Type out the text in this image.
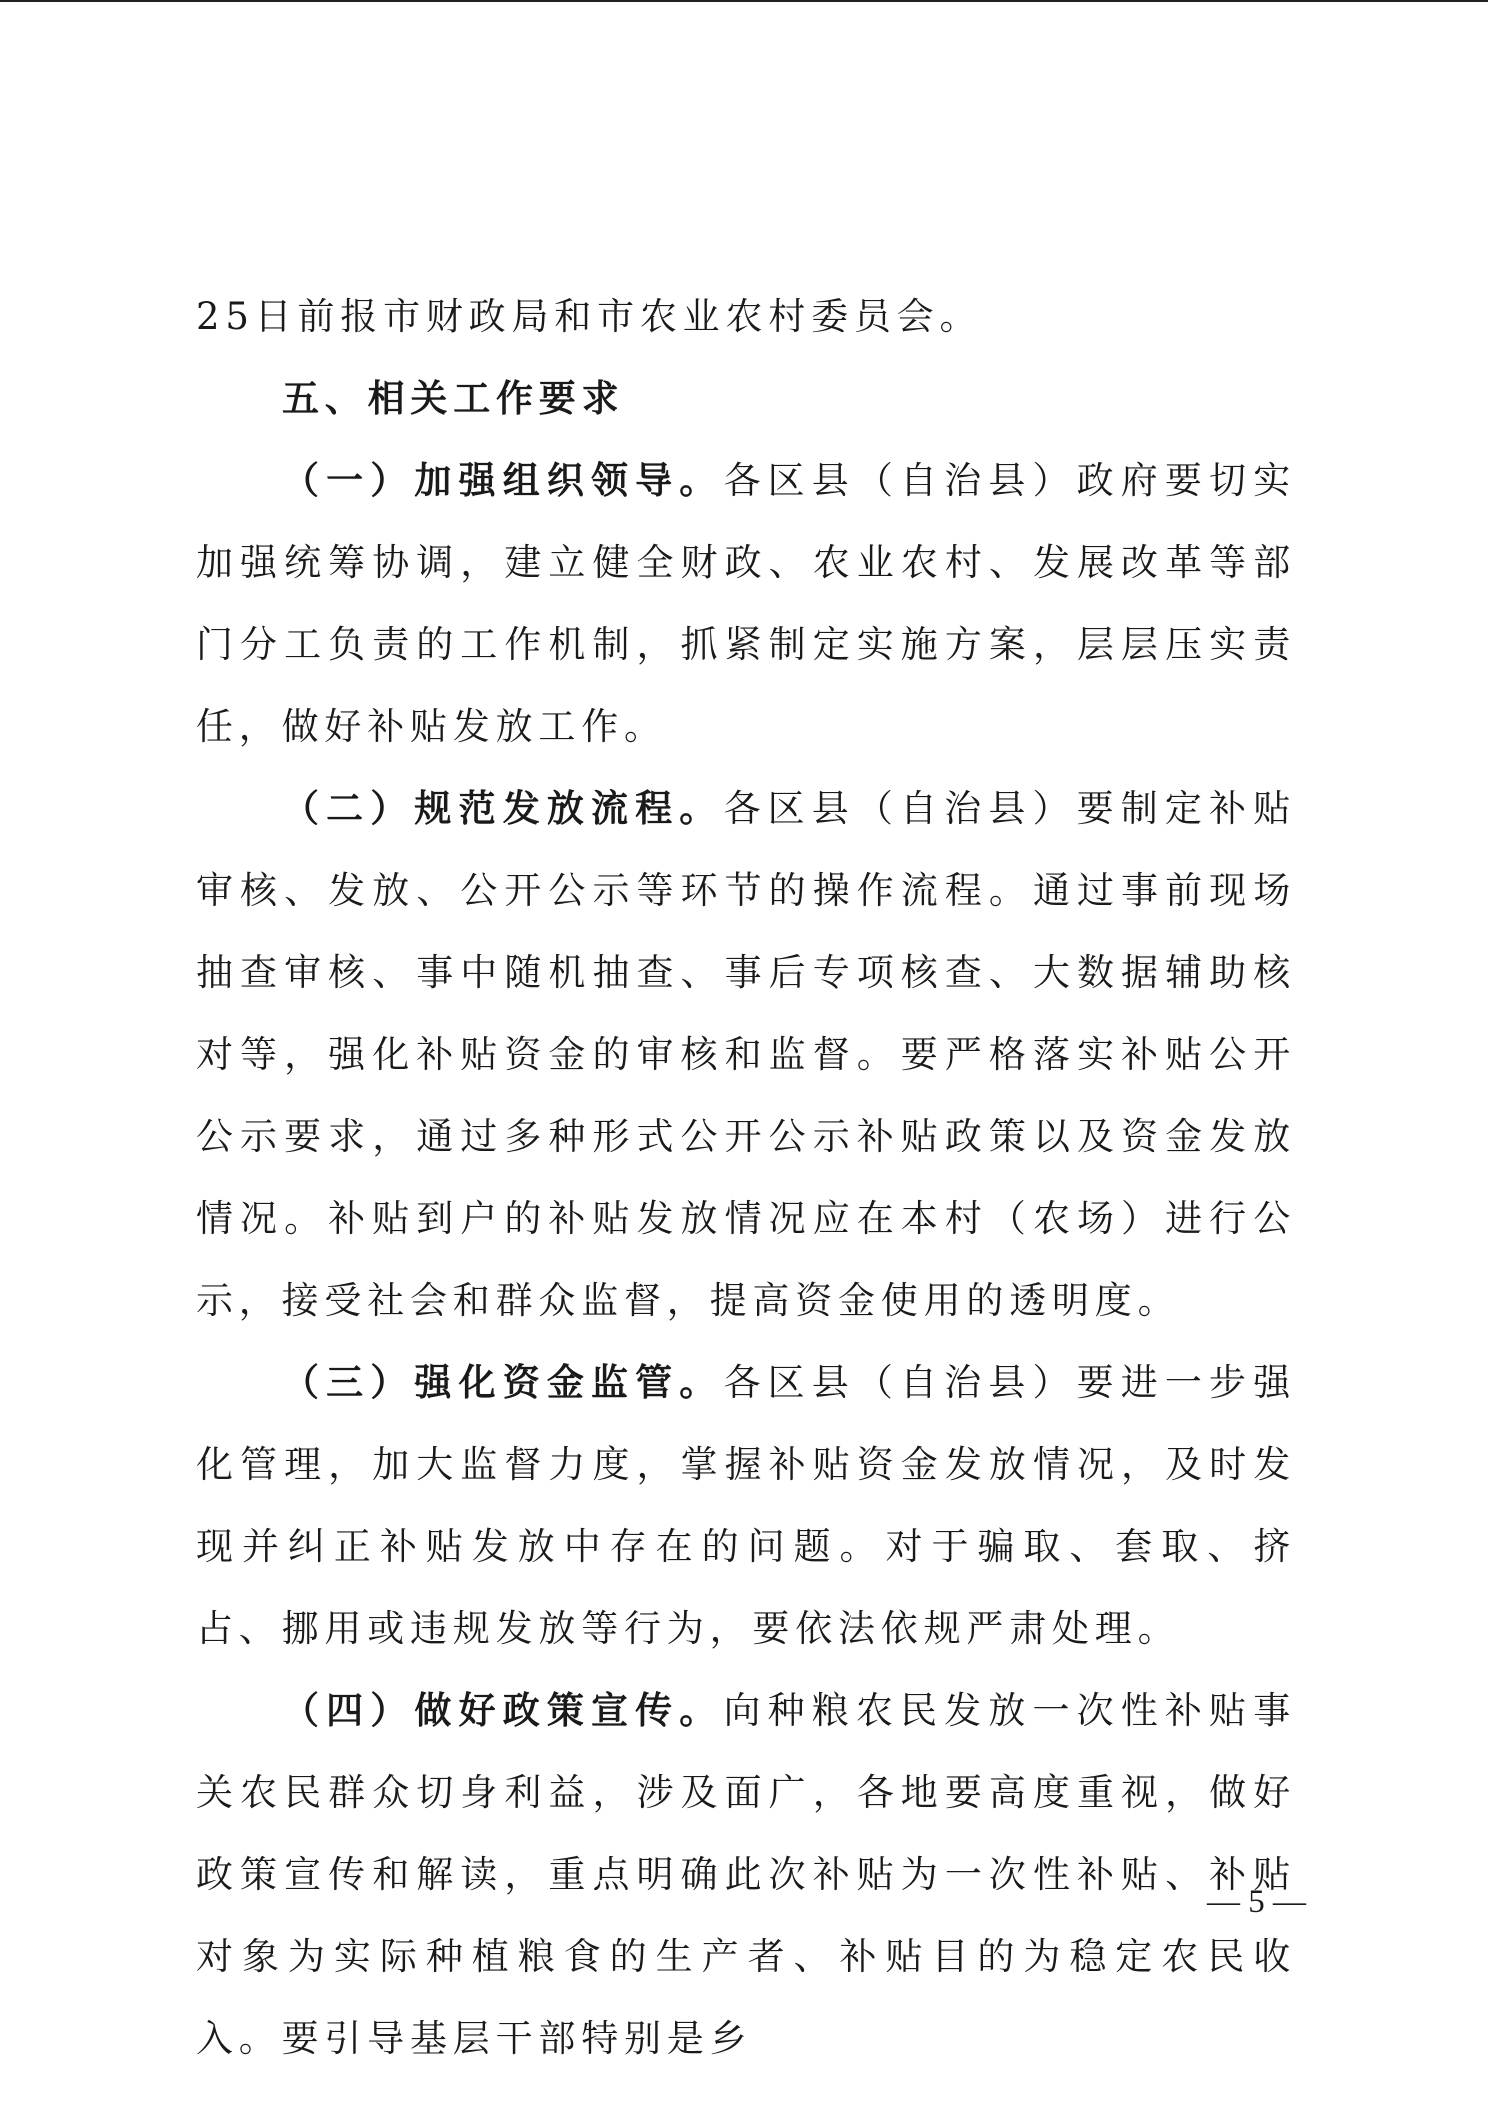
25日前报市财政局和市农业农村委员会。

五、相关工作要求

（一）加强组织领导。各区县（自治县）政府要切实加强统筹协调，建立健全财政、农业农村、发展改革等部门分工负责的工作机制，抓紧制定实施方案，层层压实责任，做好补贴发放工作。

（二）规范发放流程。各区县（自治县）要制定补贴审核、发放、公开公示等环节的操作流程。通过事前现场抽查审核、事中随机抽查、事后专项核查、大数据辅助核对等，强化补贴资金的审核和监督。要严格落实补贴公开公示要求，通过多种形式公开公示补贴政策以及资金发放情况。补贴到户的补贴发放情况应在本村（农场）进行公示，接受社会和群众监督，提高资金使用的透明度。

（三）强化资金监管。各区县（自治县）要进一步强化管理，加大监督力度，掌握补贴资金发放情况，及时发现并纠正补贴发放中存在的问题。对于骗取、套取、挤占、挪用或违规发放等行为，要依法依规严肃处理。

（四）做好政策宣传。向种粮农民发放一次性补贴事关农民群众切身利益，涉及面广，各地要高度重视，做好政策宣传和解读，重点明确此次补贴为一次性补贴、补贴对象为实际种植粮食的生产者、补贴目的为稳定农民收入。要引导基层干部特别是乡

— 5 —
